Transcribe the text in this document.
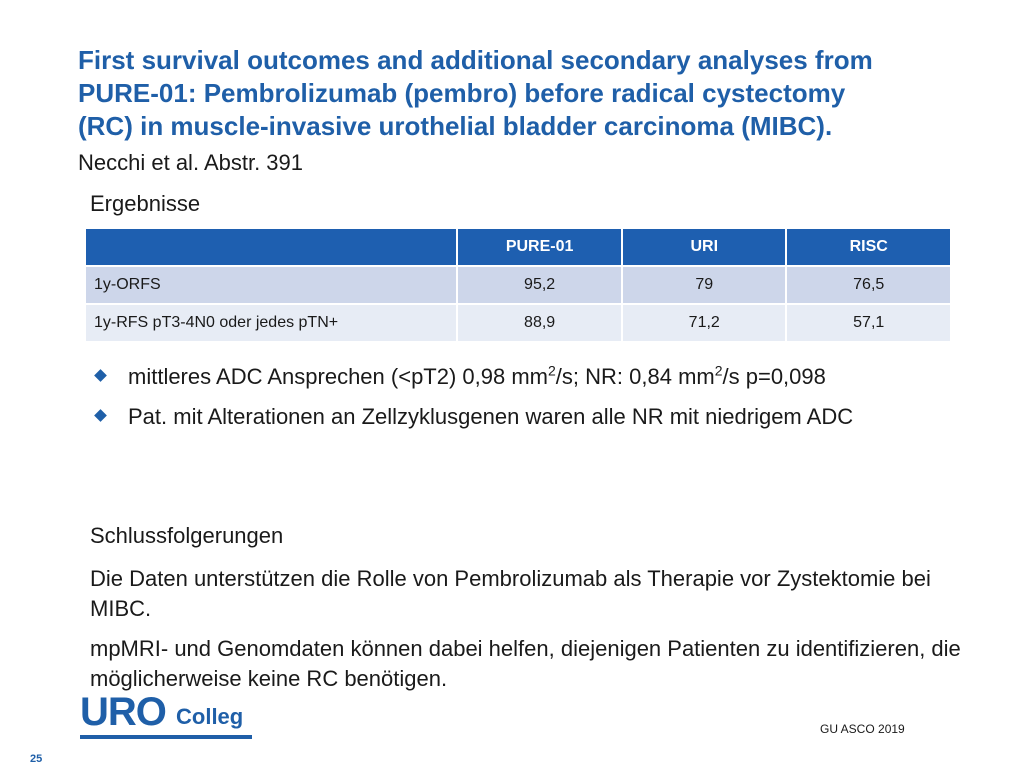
First survival outcomes and additional secondary analyses from
PURE-01: Pembrolizumab (pembro) before radical cystectomy
(RC) in muscle-invasive urothelial bladder carcinoma (MIBC).
Necchi et al. Abstr. 391
Ergebnisse
	PURE-01	URI	RISC
1y-ORFS	95,2	79	76,5
1y-RFS pT3-4N0 oder jedes pTN+	88,9	71,2	57,1
mittleres ADC Ansprechen (<pT2) 0,98 $mm^2/s$; NR: 0,84 $mm^2/s$ p=0,098
Pat. mit Alterationen an Zellzyklusgenen waren alle NR mit niedrigem ADC
Schlussfolgerungen
Die Daten unterstützen die Rolle von Pembrolizumab als Therapie vor Zystektomie bei MIBC.
mpMRI- und Genomdaten können dabei helfen, diejenigen Patienten zu identifizieren, die möglicherweise keine RC benötigen.
URO Colleg	GU ASCO 2019
25
